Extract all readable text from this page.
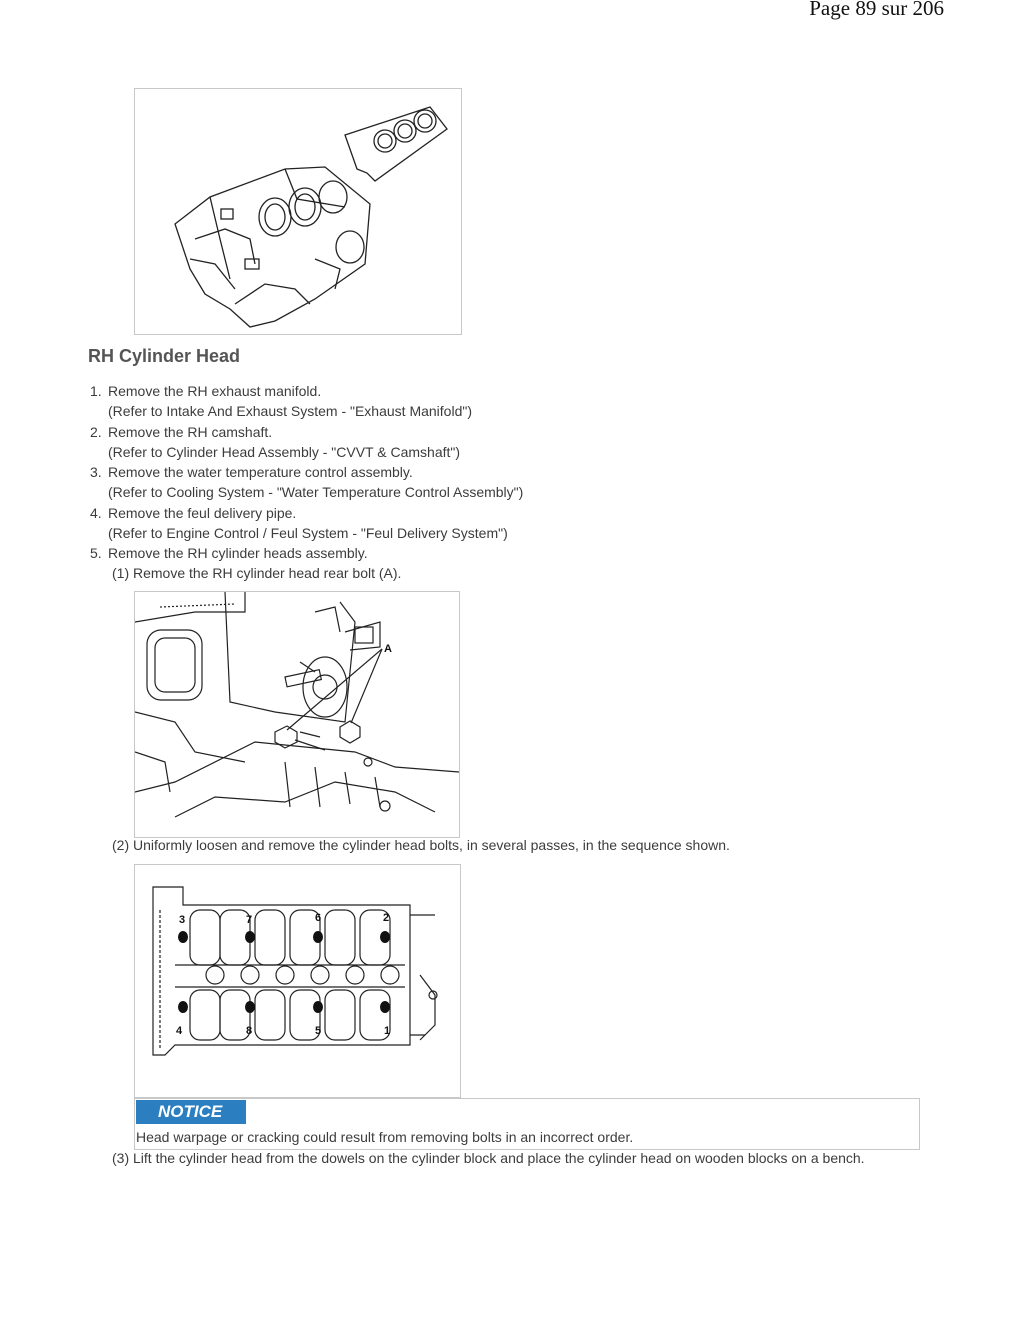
Page 89 sur 206
RH Cylinder Head
1. Remove the RH exhaust manifold.
(Refer to Intake And Exhaust System - "Exhaust Manifold")
2. Remove the RH camshaft.
(Refer to Cylinder Head Assembly - "CVVT & Camshaft")
3. Remove the water temperature control assembly.
(Refer to Cooling System - "Water Temperature Control Assembly")
4. Remove the feul delivery pipe.
(Refer to Engine Control / Feul System - "Feul Delivery System")
5. Remove the RH cylinder heads assembly.
(1) Remove the RH cylinder head rear bolt (A).
A
(2) Uniformly loosen and remove the cylinder head bolts, in several passes, in the sequence shown.
3	7	6	2
4	8	5	1
NOTICE
Head warpage or cracking could result from removing bolts in an incorrect order.
(3) Lift the cylinder head from the dowels on the cylinder block and place the cylinder head on wooden blocks on a bench.
